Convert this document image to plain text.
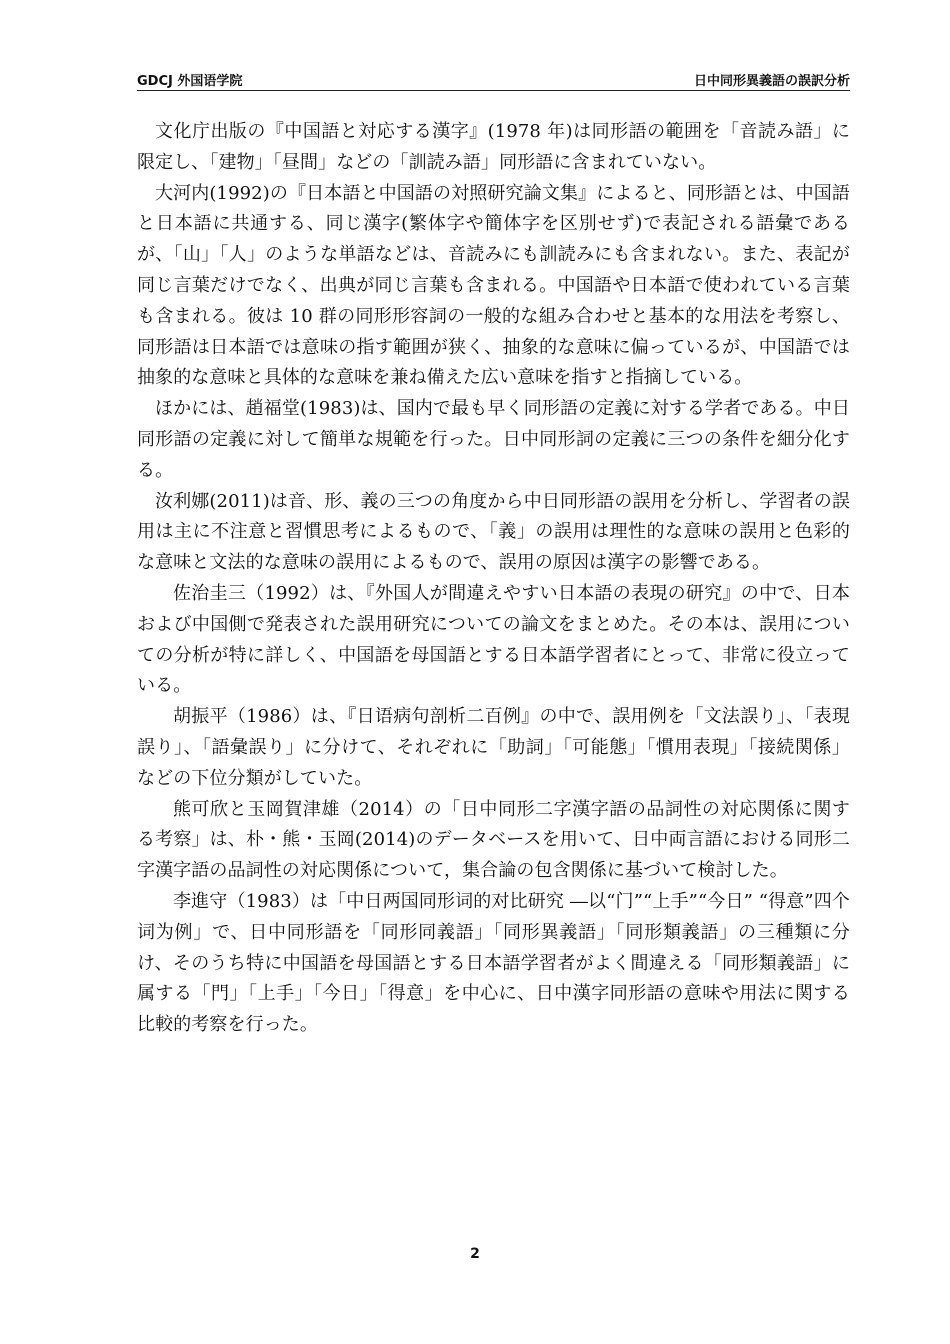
GDCJ 外国语学院	日中同形異義語の誤訳分析

文化庁出版の『中国語と対応する漢字』(1978 年)は同形語の範囲を「音読み語」に限定し、「建物」「昼間」などの「訓読み語」同形語に含まれていない。

大河内(1992)の『日本語と中国語の対照研究論文集』によると、同形語とは、中国語と日本語に共通する、同じ漢字(繁体字や簡体字を区別せず)で表記される語彙であるが、「山」「人」のような単語などは、音読みにも訓読みにも含まれない。また、表記が同じ言葉だけでなく、出典が同じ言葉も含まれる。中国語や日本語で使われている言葉も含まれる。彼は 10 群の同形形容詞の一般的な組み合わせと基本的な用法を考察し、同形語は日本語では意味の指す範囲が狭く、抽象的な意味に偏っているが、中国語では抽象的な意味と具体的な意味を兼ね備えた広い意味を指すと指摘している。

ほかには、趙福堂(1983)は、国内で最も早く同形語の定義に対する学者である。中日同形語の定義に対して簡単な規範を行った。日中同形詞の定義に三つの条件を細分化する。

汝利娜(2011)は音、形、義の三つの角度から中日同形語の誤用を分析し、学習者の誤用は主に不注意と習慣思考によるもので、「義」の誤用は理性的な意味の誤用と色彩的な意味と文法的な意味の誤用によるもので、誤用の原因は漢字の影響である。

佐治圭三（1992）は、『外国人が間違えやすい日本語の表現の研究』の中で、日本および中国側で発表された誤用研究についての論文をまとめた。その本は、誤用についての分析が特に詳しく、中国語を母国語とする日本語学習者にとって、非常に役立っている。

胡振平（1986）は、『日语病句剖析二百例』の中で、誤用例を「文法誤り」、「表現誤り」、「語彙誤り」に分けて、それぞれに「助詞」「可能態」「慣用表現」「接続関係」などの下位分類がしていた。

熊可欣と玉岡賀津雄（2014）の「日中同形二字漢字語の品詞性の対応関係に関する考察」は、朴・熊・玉岡(2014)のデータベースを用いて、日中両言語における同形二字漢字語の品詞性の対応関係について，集合論の包含関係に基づいて検討した。

李進守（1983）は「中日两国同形词的对比研究 ―以“门”“上手”“今日” “得意”四个词为例」で、日中同形語を「同形同義語」「同形異義語」「同形類義語」の三種類に分け、そのうち特に中国語を母国語とする日本語学習者がよく間違える「同形類義語」に属する「門」「上手」「今日」「得意」を中心に、日中漢字同形語の意味や用法に関する比較的考察を行った。

2
